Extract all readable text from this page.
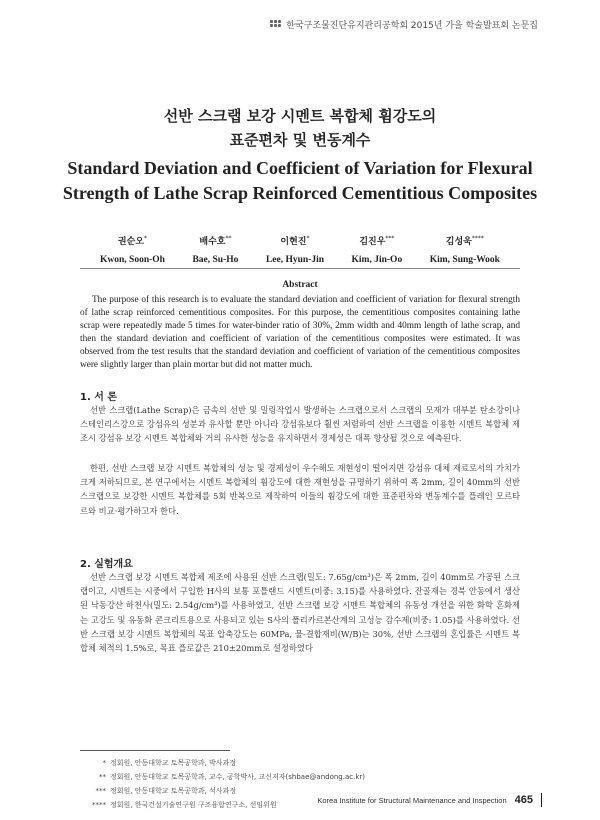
한국구조물진단유지관리공학회 2015년 가을 학술발표회 논문집
선반 스크랩 보강 시멘트 복합체 휨강도의
표준편차 및 변동계수
Standard Deviation and Coefficient of Variation for Flexural
Strength of Lathe Scrap Reinforced Cementitious Composites
권순오*
Kwon, Soon-Oh
배수호**
Bae, Su-Ho
이현진*
Lee, Hyun-Jin
김진우***
Kim, Jin-Oo
김성욱****
Kim, Sung-Wook
Abstract
The purpose of this research is to evaluate the standard deviation and coefficient of variation for flexural strength of lathe scrap reinforced cementitious composites. For this purpose, the cementitious composites containing lathe scrap were repeatedly made 5 times for water-binder ratio of 30%, 2mm width and 40mm length of lathe scrap, and then the standard deviation and coefficient of variation of the cementitious composites were estimated. It was observed from the test results that the standard deviation and coefficient of variation of the cementitious composites were slightly larger than plain mortar but did not matter much.
1. 서 론
선반 스크랩(Lathe Scrap)은 금속의 선반 및 밀링작업시 발생하는 스크랩으로서 스크랩의 모재가 대부분 탄소강이나 스테인리스강으로 강섬유의 성분과 유사할 뿐만 아니라 강섬유보다 훨씬 저렴하여 선반 스크랩을 이용한 시멘트 복합체 제조시 강섬유 보강 시멘트 복합체와 거의 유사한 성능을 유지하면서 경제성은 대폭 향상될 것으로 예측된다.
한편, 선반 스크랩 보강 시멘트 복합체의 성능 및 경제성이 우수해도 재현성이 떨어지면 강섬유 대체 재료로서의 가치가 크게 저하되므로, 본 연구에서는 시멘트 복합체의 휨강도에 대한 재현성을 규명하기 위하여 폭 2mm, 길이 40mm의 선반 스크랩으로 보강한 시멘트 복합체를 5회 반복으로 제작하여 이들의 휨강도에 대한 표준편차와 변동계수를 플레인 모르타르와 비교·평가하고자 한다.
2. 실험개요
선반 스크랩 보강 시멘트 복합체 제조에 사용된 선반 스크랩(밀도: 7.65g/cm³)은 폭 2mm, 길이 40mm로 가공된 스크랩이고, 시멘트는 시중에서 구입한 H사의 보통 포틀랜드 시멘트(비중: 3.15)를 사용하였다. 잔골재는 경북 안동에서 생산된 낙동강산 하천사(밀도: 2.54g/cm³)를 사용하였고, 선반 스크랩 보강 시멘트 복합체의 유동성 개선을 위한 화학 혼화제는 고강도 및 유동화 콘크리트용으로 사용되고 있는 S사의 폴리카르본산계의 고성능 감수제(비중: 1.05)를 사용하였다. 선반 스크랩 보강 시멘트 복합체의 목표 압축강도는 60MPa, 물-결합재비(W/B)는 30%, 선반 스크랩의 혼입률은 시멘트 복합체 체적의 1.5%로, 목표 플로값은 210±20mm로 설정하였다
* 정회원, 안동대학교 토목공학과, 박사과정
** 정회원, 안동대학교 토목공학과, 교수, 공학박사, 교신저자(shbae@andong.ac.kr)
*** 정회원, 안동대학교 토목공학과, 석사과정
**** 정회원, 한국건설기술연구원 구조융합연구소, 선임위원
Korea Institute for Structural Maintenance and Inspection 465
